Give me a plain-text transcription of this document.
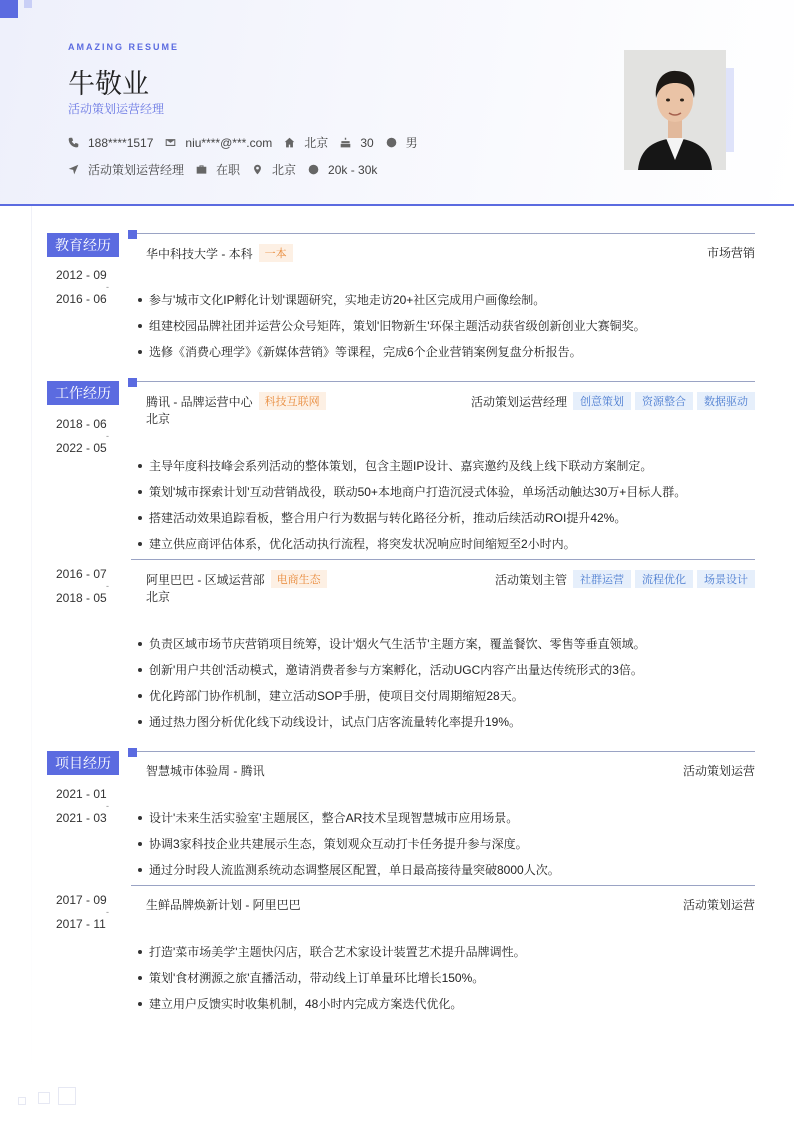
AMAZING RESUME
牛敬业
活动策划运营经理
188****1517	niu****@***.com	北京	30	男
活动策划运营经理	在职	北京	20k - 30k
教育经历
2012 - 09
-
2016 - 06
华中科技大学 - 本科	一本	市场营销
参与'城市文化IP孵化计划'课题研究，实地走访20+社区完成用户画像绘制。
组建校园品牌社团并运营公众号矩阵，策划'旧物新生'环保主题活动获省级创新创业大赛铜奖。
选修《消费心理学》《新媒体营销》等课程，完成6个企业营销案例复盘分析报告。
工作经历
2018 - 06
-
2022 - 05
腾讯 - 品牌运营中心	科技互联网	活动策划运营经理	创意策划	资源整合	数据驱动
北京
主导年度科技峰会系列活动的整体策划，包含主题IP设计、嘉宾邀约及线上线下联动方案制定。
策划'城市探索计划'互动营销战役，联动50+本地商户打造沉浸式体验，单场活动触达30万+目标人群。
搭建活动效果追踪看板，整合用户行为数据与转化路径分析，推动后续活动ROI提升42%。
建立供应商评估体系，优化活动执行流程，将突发状况响应时间缩短至2小时内。
2016 - 07
-
2018 - 05
阿里巴巴 - 区域运营部	电商生态	活动策划主管	社群运营	流程优化	场景设计
北京
负责区域市场节庆营销项目统筹，设计'烟火气生活节'主题方案，覆盖餐饮、零售等垂直领域。
创新'用户共创'活动模式，邀请消费者参与方案孵化，活动UGC内容产出量达传统形式的3倍。
优化跨部门协作机制，建立活动SOP手册，使项目交付周期缩短28天。
通过热力图分析优化线下动线设计，试点门店客流量转化率提升19%。
项目经历
2021 - 01
-
2021 - 03
智慧城市体验周 - 腾讯	活动策划运营
设计'未来生活实验室'主题展区，整合AR技术呈现智慧城市应用场景。
协调3家科技企业共建展示生态，策划观众互动打卡任务提升参与深度。
通过分时段人流监测系统动态调整展区配置，单日最高接待量突破8000人次。
2017 - 09
-
2017 - 11
生鲜品牌焕新计划 - 阿里巴巴	活动策划运营
打造'菜市场美学'主题快闪店，联合艺术家设计装置艺术提升品牌调性。
策划'食材溯源之旅'直播活动，带动线上订单量环比增长150%。
建立用户反馈实时收集机制，48小时内完成方案迭代优化。
